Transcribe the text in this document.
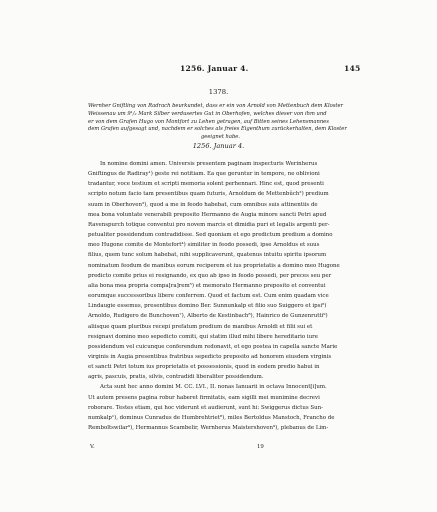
1256. Januar 4.	145
1378.
Wernher Gniftling von Radrach beurkundet, dass er ein von Arnold von Mettenbuch dem Kloster
Weissenau um 9¹/₂ Mark Silber verdusertes Gut in Oberhofen, welches dieser von ihm und
er von dem Grafen Hugo von Montfort zu Lehen getragen, auf Bitten seines Lehensmannes
dem Grafen aufgesagt und, nachdem er solches als freies Eigenthum zurückerhalten, dem Kloster
geeignet habe.
1256. Januar 4.
In nomine domini amen. Universis presentem paginam inspecturis Werinherus
Gniftingus de Radiray¹) geste rei notitiam. Ea que geruntur in tempore, ne oblivioni
tradantur, voce testium et scripti memoria solent perhennari. Hinc est, quod presenti
scripto notum facio tam presentibus quam futuris, Arnoldum de Mettenbûch²) predium
suum in Oberhoven³), quod a me in feodo habebat, cum omnibus suis attinentiis de
mea bona voluntate venerabili preposito Hermanno de Augia minore sancti Petri apud
Ravenspurch totique conventui pro novem marcis et dimidia puri et legalis argenti per-
petualiter possidendum contradidisse. Sed quoniam et ego predictum predium a domino
meo Hugone comite de Montefort⁴) similiter in feodo possedi, ipse Arnoldus et suus
filius, quem tunc solum habebat, nihi supplicaverunt, quatenus intuitu spiritu ipsorum
nominatum feodum de manibus eorum reciperem et ius proprietatis a domino meo Hugone
predicto comite prius ei resignando, ex quo ab ipso in feodo possedi, per preces seu per
alia bona mea propria compa[ra]rem⁵) et memorato Hermanno preposito et conventui
eorumque successoribus libere conferrem. Quod et factum est. Cum enim quadam vice
Lindaugie essemus, presentibus domino Ber. Sunnunkalp et filio suo Suiggero et ipsi⁶)
Arnoldo, Rudigero de Bunchoven⁷), Alberto de Kestinbach⁸), Hainrico de Gunzenrutti⁹)
aliisque quam pluribus recepi prefatum predium de manibus Arnoldi et filii sui et
resignavi domino meo sepedicto comiti, qui statim illud mihi libere hereditario iure
possidendum vel cuicunque conferendum redonavit, et ego postea in capella sancte Marie
virginis in Augia presentibus fratribus sepedicto preposito ad honorem eiusdem virginis
et sancti Petri totum ius proprietatis et possessionis, quod in eodem predio habui in
agris, pascuis, pratis, silvis, contradidi liberaliter possidendum.
Acta sunt hec anno domini M. CC. LVI., II. nonas Ianuarii in octava Innocent[i]um.
Ut autem presens pagina robur haberet firmitatis, eam sigilli mei munimine decrevi
roborare. Testes etiam, qui hoc viderunt et audierunt, sunt hi: Swiggerus dictus Sun-
numkalp¹), dominus Cunradus de Humbrehtriet⁸), miles Bertoldus Manstoch, Francho de
Remboltswilar⁹), Hermannus Scambelir, Wernherus Maistershoven⁹), plebanus de Lim-
V.	19
